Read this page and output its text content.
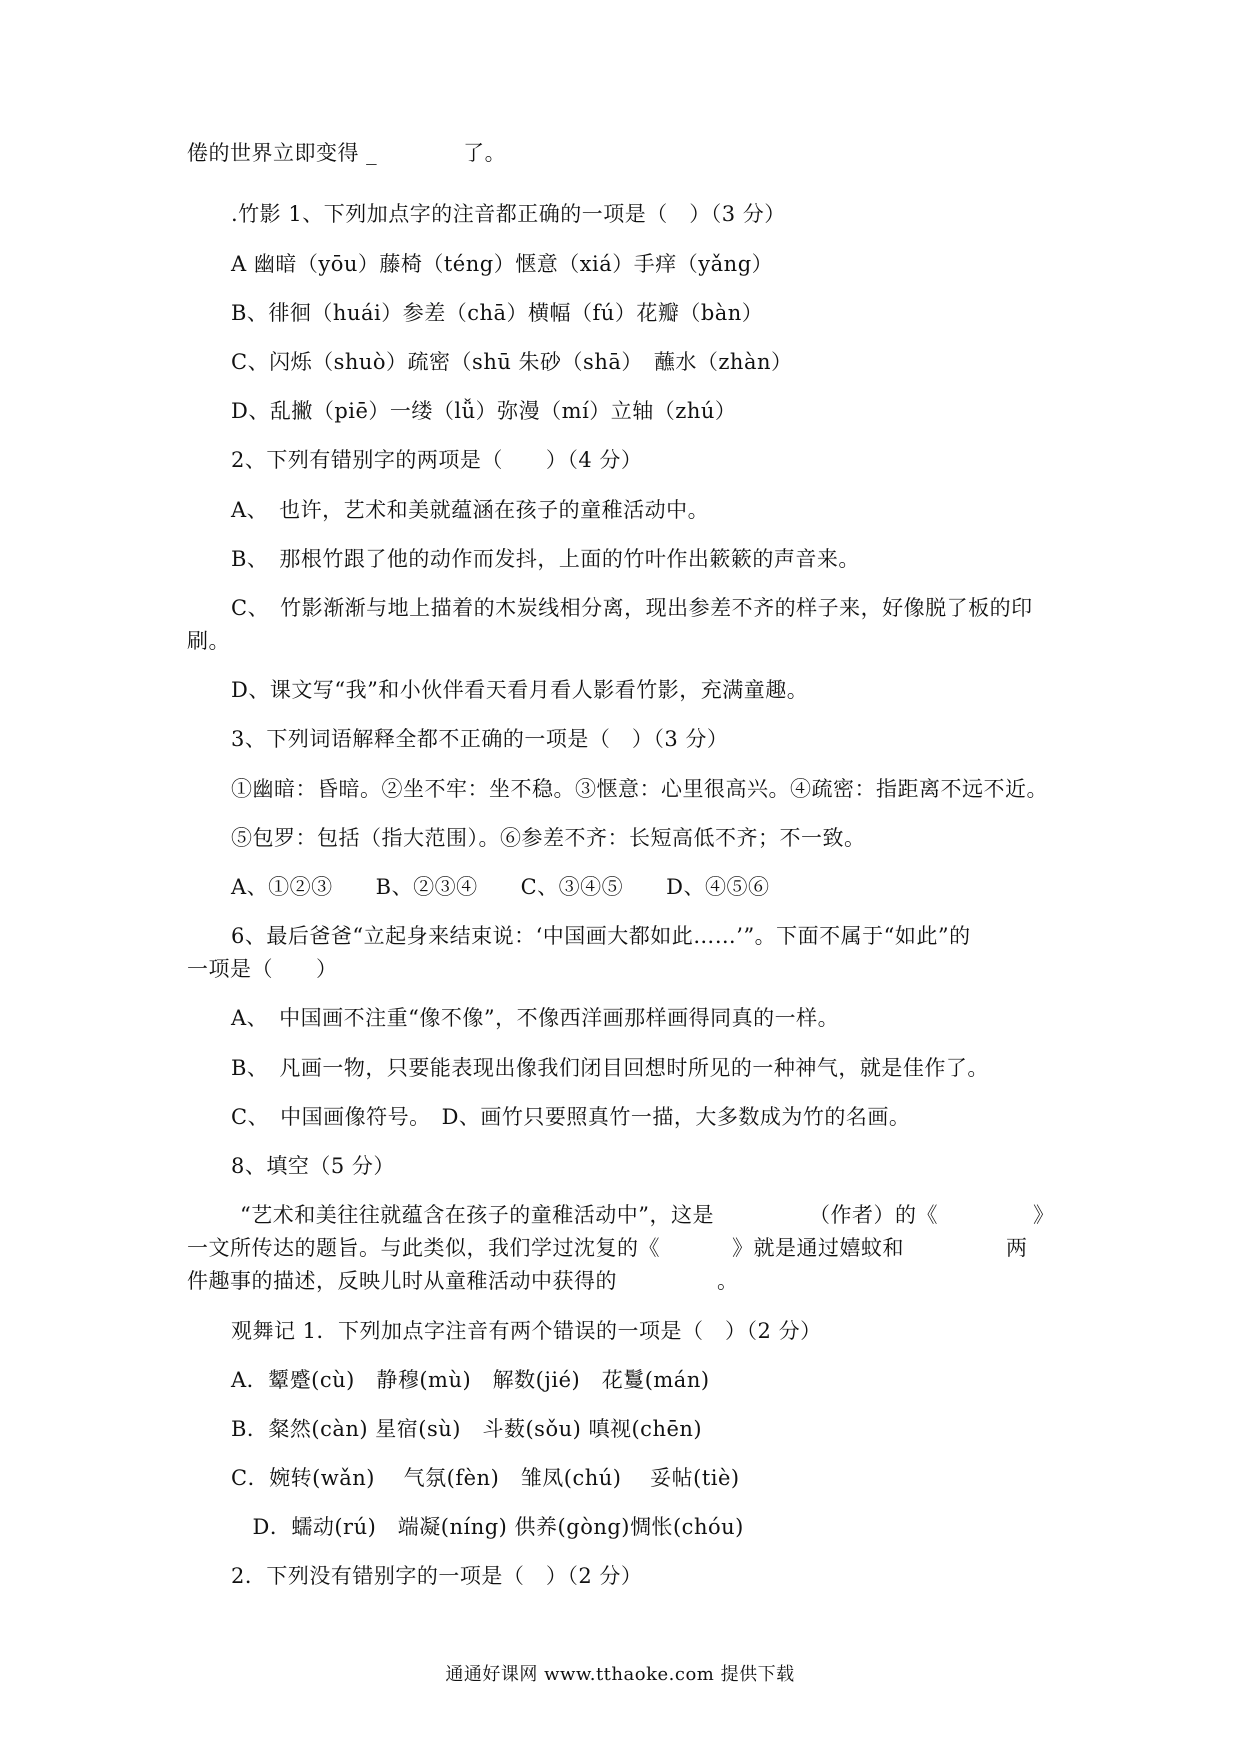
倦的世界立即变得 _　　　　了。
.竹影 1、下列加点字的注音都正确的一项是（　）（3 分）
A 幽暗（yōu）藤椅（téng）惬意（xiá）手痒（yǎng）
B、徘徊（huái）参差（chā）横幅（fú）花瓣（bàn）
C、闪烁（shuò）疏密（shū 朱砂（shā）　蘸水（zhàn）
D、乱撇（piē）一缕（lǚ）弥漫（mí）立轴（zhú）
2、下列有错别字的两项是（　　）（4 分）
A、　也许，艺术和美就蕴涵在孩子的童稚活动中。
B、　那根竹跟了他的动作而发抖，上面的竹叶作出簌簌的声音来。
C、　竹影渐渐与地上描着的木炭线相分离，现出参差不齐的样子来，好像脱了板的印
刷。
D、课文写“我”和小伙伴看天看月看人影看竹影，充满童趣。
3、下列词语解释全都不正确的一项是（　）（3 分）
①幽暗：昏暗。②坐不牢：坐不稳。③惬意：心里很高兴。④疏密：指距离不远不近。
⑤包罗：包括（指大范围）。⑥参差不齐：长短高低不齐；不一致。
A、①②③　　B、②③④　　C、③④⑤　　D、④⑤⑥
6、最后爸爸“立起身来结束说：‘中国画大都如此……’”。下面不属于“如此”的
一项是（　　）
A、　中国画不注重“像不像”，不像西洋画那样画得同真的一样。
B、　凡画一物，只要能表现出像我们闭目回想时所见的一种神气，就是佳作了。
C、　中国画像符号。　D、画竹只要照真竹一描，大多数成为竹的名画。
8、填空（5 分）
“艺术和美往往就蕴含在孩子的童稚活动中”，这是	（作者）的《	》
一文所传达的题旨。与此类似，我们学过沈复的《	》就是通过嬉蚊和	两
件趣事的描述，反映儿时从童稚活动中获得的	。
观舞记 1．下列加点字注音有两个错误的一项是（　）（2 分）
A．颦蹙(cù)　静穆(mù)　解数(jié)　花鬘(mán)
B．粲然(càn) 星宿(sù)　斗薮(sǒu) 嗔视(chēn)
C．婉转(wǎn)　 气氛(fèn)　雏凤(chú)　 妥帖(tiè)
　D．蠕动(rú)　端凝(níng) 供养(gòng)惆怅(chóu)
2．下列没有错别字的一项是（　）（2 分）
通通好课网 www.tthaoke.com 提供下载
